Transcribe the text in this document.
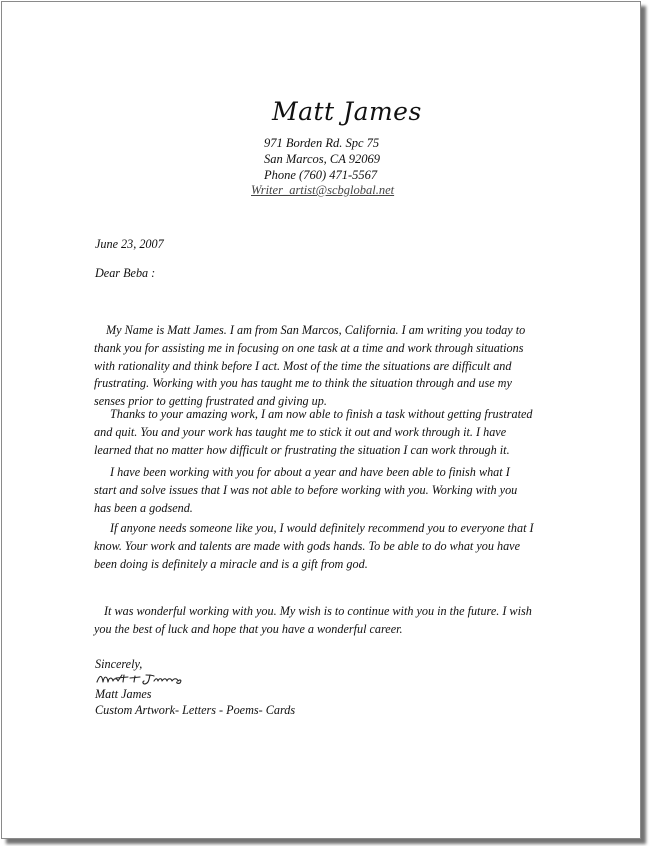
Matt James
971 Borden Rd. Spc 75
San Marcos, CA 92069
Phone (760) 471-5567
Writer_artist@scbglobal.net
June 23, 2007
Dear Beba :
My Name is Matt James. I am from San Marcos, California. I am writing you today to
thank you for assisting me in focusing on one task at a time and work through situations
with rationality and think before I act. Most of the time the situations are difficult and
frustrating. Working with you has taught me to think the situation through and use my
senses prior to getting frustrated and giving up.
Thanks to your amazing work, I am now able to finish a task without getting frustrated
and quit. You and your work has taught me to stick it out and work through it. I have
learned that no matter how difficult or frustrating the situation I can work through it.
I have been working with you for about a year and have been able to finish what I
start and solve issues that I was not able to before working with you. Working with you
has been a godsend.
If anyone needs someone like you, I would definitely recommend you to everyone that I
know. Your work and talents are made with gods hands. To be able to do what you have
been doing is definitely a miracle and is a gift from god.
It was wonderful working with you. My wish is to continue with you in the future. I wish
you the best of luck and hope that you have a wonderful career.
Sincerely,
Matt James
Custom Artwork- Letters - Poems- Cards
